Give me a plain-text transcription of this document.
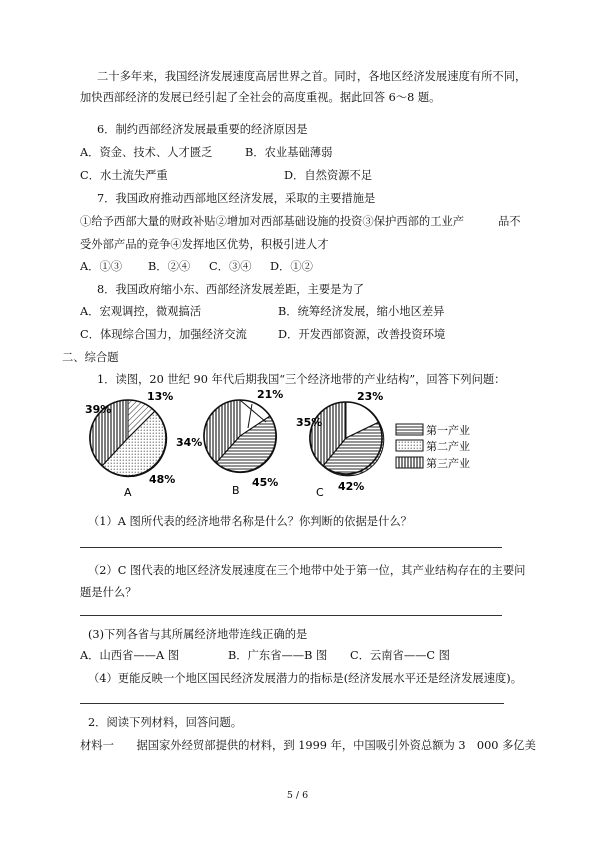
二十多年来，我国经济发展速度高居世界之首。同时，各地区经济发展速度有所不同，
加快西部经济的发展已经引起了全社会的高度重视。据此回答 6～8 题。
6．制约西部经济发展最重要的经济原因是
A．资金、技术、人才匮乏	B．农业基础薄弱
C．水土流失严重	D．自然资源不足
7．我国政府推动西部地区经济发展，采取的主要措施是
①给予西部大量的财政补贴②增加对西部基础设施的投资③保护西部的工业产　　　品不
受外部产品的竞争④发挥地区优势，积极引进人才
A．①③ B．②④ C．③④ D．①②
8．我国政府缩小东、西部经济发展差距，主要是为了
A．宏观调控，微观搞活	B．统筹经济发展，缩小地区差异
C．体现综合国力，加强经济交流	D．开发西部资源，改善投资环境
二、综合题
1．读图，20 世纪 90 年代后期我国“三个经济地带的产业结构”，回答下列问题：
13%
39%
48%
A
21%
34%
45%
B
23%
35%
42%
C
第一产业
第二产业
第三产业
（1）A 图所代表的经济地带名称是什么？你判断的依据是什么？
（2）C 图代表的地区经济发展速度在三个地带中处于第一位，其产业结构存在的主要问
题是什么？
(3)下列各省与其所属经济地带连线正确的是
A．山西省——A 图	B．广东省——B 图 C．云南省——C 图
（4）更能反映一个地区国民经济发展潜力的指标是(经济发展水平还是经济发展速度)。
2．阅读下列材料，回答问题。
材料一　　据国家外经贸部提供的材料，到 1999 年，中国吸引外资总额为 3　000 多亿美
5 / 6
